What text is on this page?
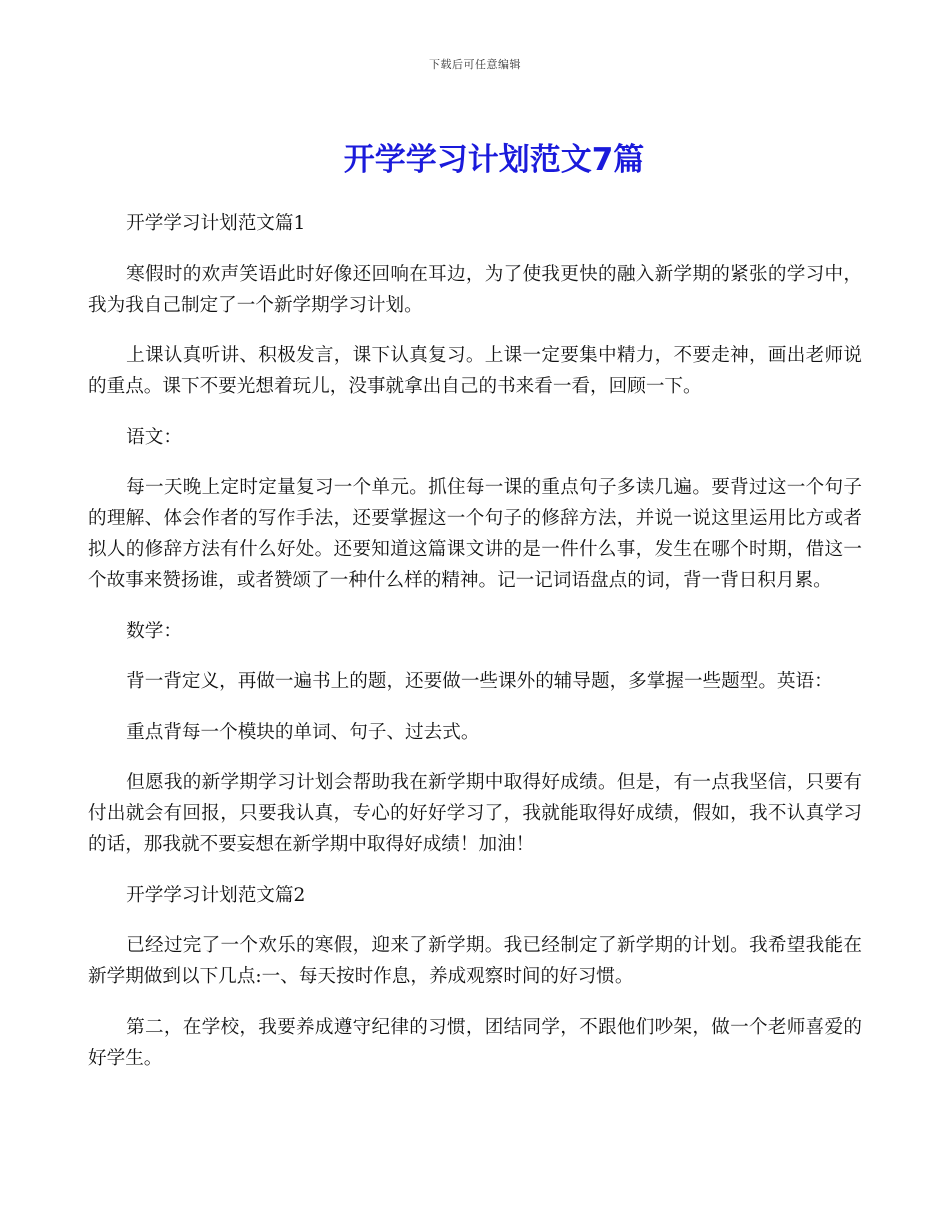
下载后可任意编辑
开学学习计划范文7篇

开学学习计划范文篇1

寒假时的欢声笑语此时好像还回响在耳边，为了使我更快的融入新学期的紧张的学习中，我为我自己制定了一个新学期学习计划。

上课认真听讲、积极发言，课下认真复习。上课一定要集中精力，不要走神，画出老师说的重点。课下不要光想着玩儿，没事就拿出自己的书来看一看，回顾一下。

语文：

每一天晚上定时定量复习一个单元。抓住每一课的重点句子多读几遍。要背过这一个句子的理解、体会作者的写作手法，还要掌握这一个句子的修辞方法，并说一说这里运用比方或者拟人的修辞方法有什么好处。还要知道这篇课文讲的是一件什么事，发生在哪个时期，借这一个故事来赞扬谁，或者赞颂了一种什么样的精神。记一记词语盘点的词，背一背日积月累。

数学：

背一背定义，再做一遍书上的题，还要做一些课外的辅导题，多掌握一些题型。英语：

重点背每一个模块的单词、句子、过去式。

但愿我的新学期学习计划会帮助我在新学期中取得好成绩。但是，有一点我坚信，只要有付出就会有回报，只要我认真，专心的好好学习了，我就能取得好成绩，假如，我不认真学习的话，那我就不要妄想在新学期中取得好成绩！加油！

开学学习计划范文篇2

已经过完了一个欢乐的寒假，迎来了新学期。我已经制定了新学期的计划。我希望我能在新学期做到以下几点:一、每天按时作息，养成观察时间的好习惯。

第二，在学校，我要养成遵守纪律的习惯，团结同学，不跟他们吵架，做一个老师喜爱的好学生。
